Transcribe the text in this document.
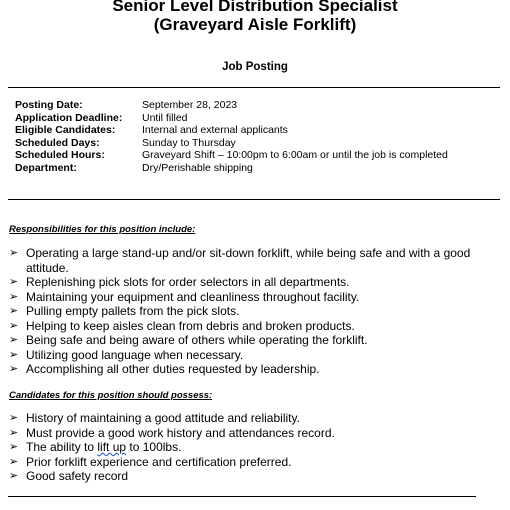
Senior Level Distribution Specialist
(Graveyard Aisle Forklift)
Job Posting
Posting Date:	September 28, 2023
Application Deadline:	Until filled
Eligible Candidates:	Internal and external applicants
Scheduled Days:	Sunday to Thursday
Scheduled Hours:	Graveyard Shift – 10:00pm to 6:00am or until the job is completed
Department:	Dry/Perishable shipping
Responsibilities for this position include:
➢ Operating a large stand-up and/or sit-down forklift, while being safe and with a good attitude.
➢ Replenishing pick slots for order selectors in all departments.
➢ Maintaining your equipment and cleanliness throughout facility.
➢ Pulling empty pallets from the pick slots.
➢ Helping to keep aisles clean from debris and broken products.
➢ Being safe and being aware of others while operating the forklift.
➢ Utilizing good language when necessary.
➢ Accomplishing all other duties requested by leadership.
Candidates for this position should possess:
➢ History of maintaining a good attitude and reliability.
➢ Must provide a good work history and attendances record.
➢ The ability to lift up to 100lbs.
➢ Prior forklift experience and certification preferred.
➢ Good safety record
